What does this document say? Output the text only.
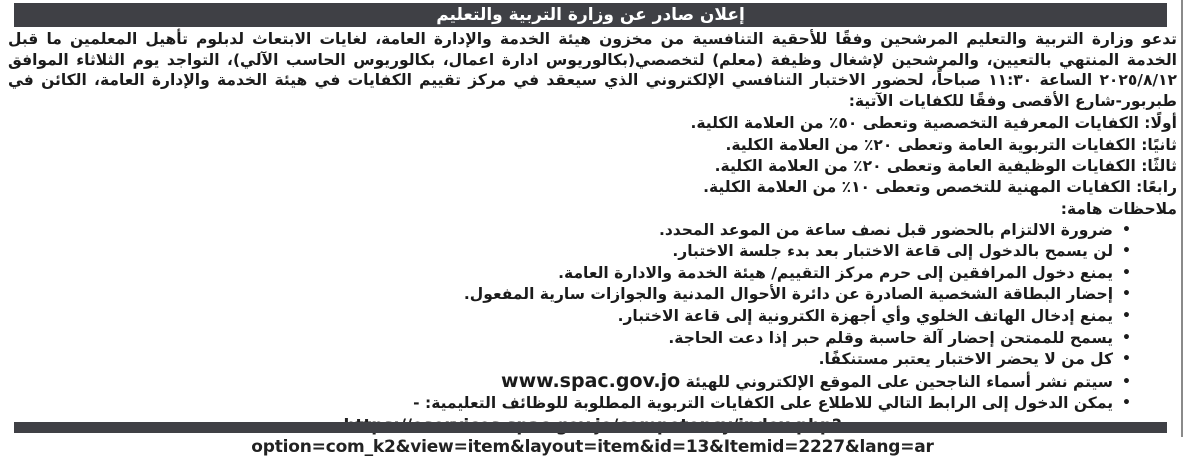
إعلان صادر عن وزارة التربية والتعليم

تدعو وزارة التربية والتعليم المرشحين وفقًا للأحقية التنافسية من مخزون هيئة الخدمة والإدارة العامة، لغايات الابتعاث لدبلوم تأهيل المعلمين ما قبل الخدمة المنتهي بالتعيين، والمرشحين لإشغال وظيفة (معلم) لتخصصي(بكالوريوس ادارة اعمال، بكالوريوس الحاسب الآلي)، التواجد يوم الثلاثاء الموافق ٢٠٢٥/٨/١٢ الساعة ١١:٣٠ صباحاً، لحضور الاختبار التنافسي الإلكتروني الذي سيعقد في مركز تقييم الكفايات في هيئة الخدمة والإدارة العامة، الكائن في طبربور-شارع الأقصى وفقًا للكفايات الآتية:

أولًا: الكفايات المعرفية التخصصية وتعطى ٥٠٪ من العلامة الكلية.
ثانيًا: الكفايات التربوية العامة وتعطى ٢٠٪ من العلامة الكلية.
ثالثًا: الكفايات الوظيفية العامة وتعطى ٢٠٪ من العلامة الكلية.
رابعًا: الكفايات المهنية للتخصص وتعطى ١٠٪ من العلامة الكلية.
ملاحظات هامة:
•ضرورة الالتزام بالحضور قبل نصف ساعة من الموعد المحدد.
•لن يسمح بالدخول إلى قاعة الاختبار بعد بدء جلسة الاختبار.
•يمنع دخول المرافقين إلى حرم مركز التقييم/ هيئة الخدمة والادارة العامة.
•إحضار البطاقة الشخصية الصادرة عن دائرة الأحوال المدنية والجوازات سارية المفعول.
•يمنع إدخال الهاتف الخلوي وأي أجهزة الكترونية إلى قاعة الاختبار.
•يسمح للممتحن إحضار آلة حاسبة وقلم حبر إذا دعت الحاجة.
•كل من لا يحضر الاختبار يعتبر مستنكفًا.
•سيتم نشر أسماء الناجحين على الموقع الإلكتروني للهيئة www.spac.gov.jo
•يمكن الدخول إلى الرابط التالي للاطلاع على الكفايات التربوية المطلوبة للوظائف التعليمية: -
option=com_k2&view=item&layout=item&id=13&Itemid=2227&lang=ar
